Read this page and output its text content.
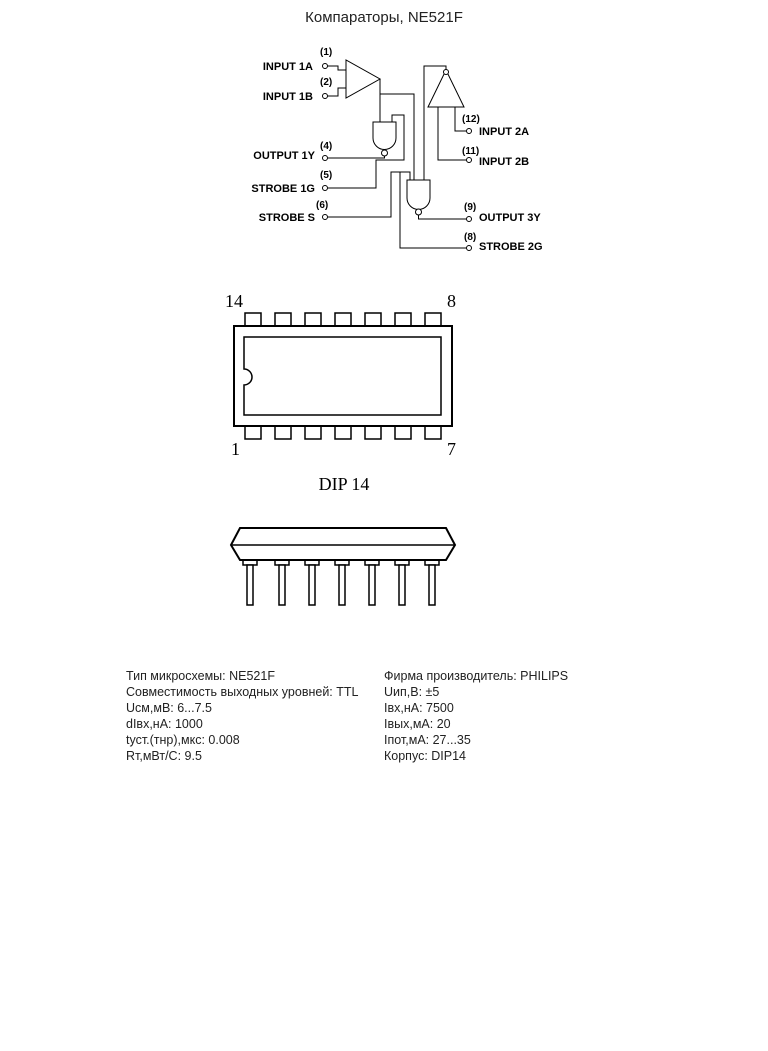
Компараторы, NE521F
(1)
INPUT 1A
(2)
INPUT 1B
(4)
OUTPUT 1Y
(5)
STROBE 1G
(6)
STROBE S
(12)
INPUT 2A
(11)
INPUT 2B
(9)
OUTPUT 3Y
(8)
STROBE 2G
14	8
1	7
DIP 14
Тип микросхемы: NE521F
Совместимость выходных уровней: TTL
Uсм,мВ: 6...7.5
dIвх,нА: 1000
tуст.(тнр),мкс: 0.008
Rт,мВт/С: 9.5
Фирма производитель: PHILIPS
Uип,В: ±5
Iвх,нА: 7500
Iвых,мА: 20
Iпот,мА: 27...35
Корпус: DIP14
